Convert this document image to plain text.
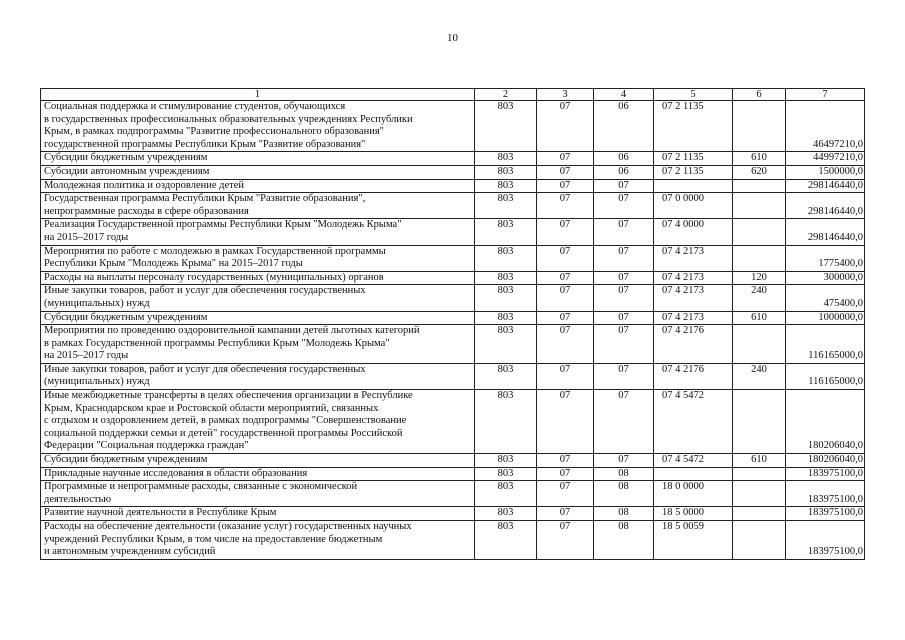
10
1	2	3	4	5	6	7
Социальная поддержка и стимулирование студентов, обучающихся
в государственных профессиональных образовательных учреждениях Республики
Крым, в рамках подпрограммы "Развитие профессионального образования"
государственной программы Республики Крым "Развитие образования"	803	07	06	07 2 1135		46497210,0
Субсидии бюджетным учреждениям	803	07	06	07 2 1135	610	44997210,0
Субсидии автономным учреждениям	803	07	06	07 2 1135	620	1500000,0
Молодежная политика и оздоровление детей	803	07	07			298146440,0
Государственная программа Республики Крым "Развитие образования",
непрограммные расходы в сфере образования	803	07	07	07 0 0000		298146440,0
Реализация Государственной программы Республики Крым "Молодежь Крыма"
на 2015–2017 годы	803	07	07	07 4 0000		298146440,0
Мероприятия по работе с молодежью в рамках Государственной программы
Республики Крым "Молодежь Крыма" на 2015–2017 годы	803	07	07	07 4 2173		1775400,0
Расходы на выплаты персоналу государственных (муниципальных) органов	803	07	07	07 4 2173	120	300000,0
Иные закупки товаров, работ и услуг для обеспечения государственных
(муниципальных) нужд	803	07	07	07 4 2173	240	475400,0
Субсидии бюджетным учреждениям	803	07	07	07 4 2173	610	1000000,0
Мероприятия по проведению оздоровительной кампании детей льготных категорий
в рамках Государственной программы Республики Крым "Молодежь Крыма"
на 2015–2017 годы	803	07	07	07 4 2176		116165000,0
Иные закупки товаров, работ и услуг для обеспечения государственных
(муниципальных) нужд	803	07	07	07 4 2176	240	116165000,0
Иные межбюджетные трансферты в целях обеспечения организации в Республике
Крым, Краснодарском крае и Ростовской области мероприятий, связанных
с отдыхом и оздоровлением детей, в рамках подпрограммы "Совершенствование
социальной поддержки семьи и детей" государственной программы Российской
Федерации "Социальная поддержка граждан"	803	07	07	07 4 5472		180206040,0
Субсидии бюджетным учреждениям	803	07	07	07 4 5472	610	180206040,0
Прикладные научные исследования в области образования	803	07	08			183975100,0
Программные и непрограммные расходы, связанные с экономической
деятельностью	803	07	08	18 0 0000		183975100,0
Развитие научной деятельности в Республике Крым	803	07	08	18 5 0000		183975100,0
Расходы на обеспечение деятельности (оказание услуг) государственных научных
учреждений Республики Крым, в том числе на предоставление бюджетным
и автономным учреждениям субсидий	803	07	08	18 5 0059		183975100,0
